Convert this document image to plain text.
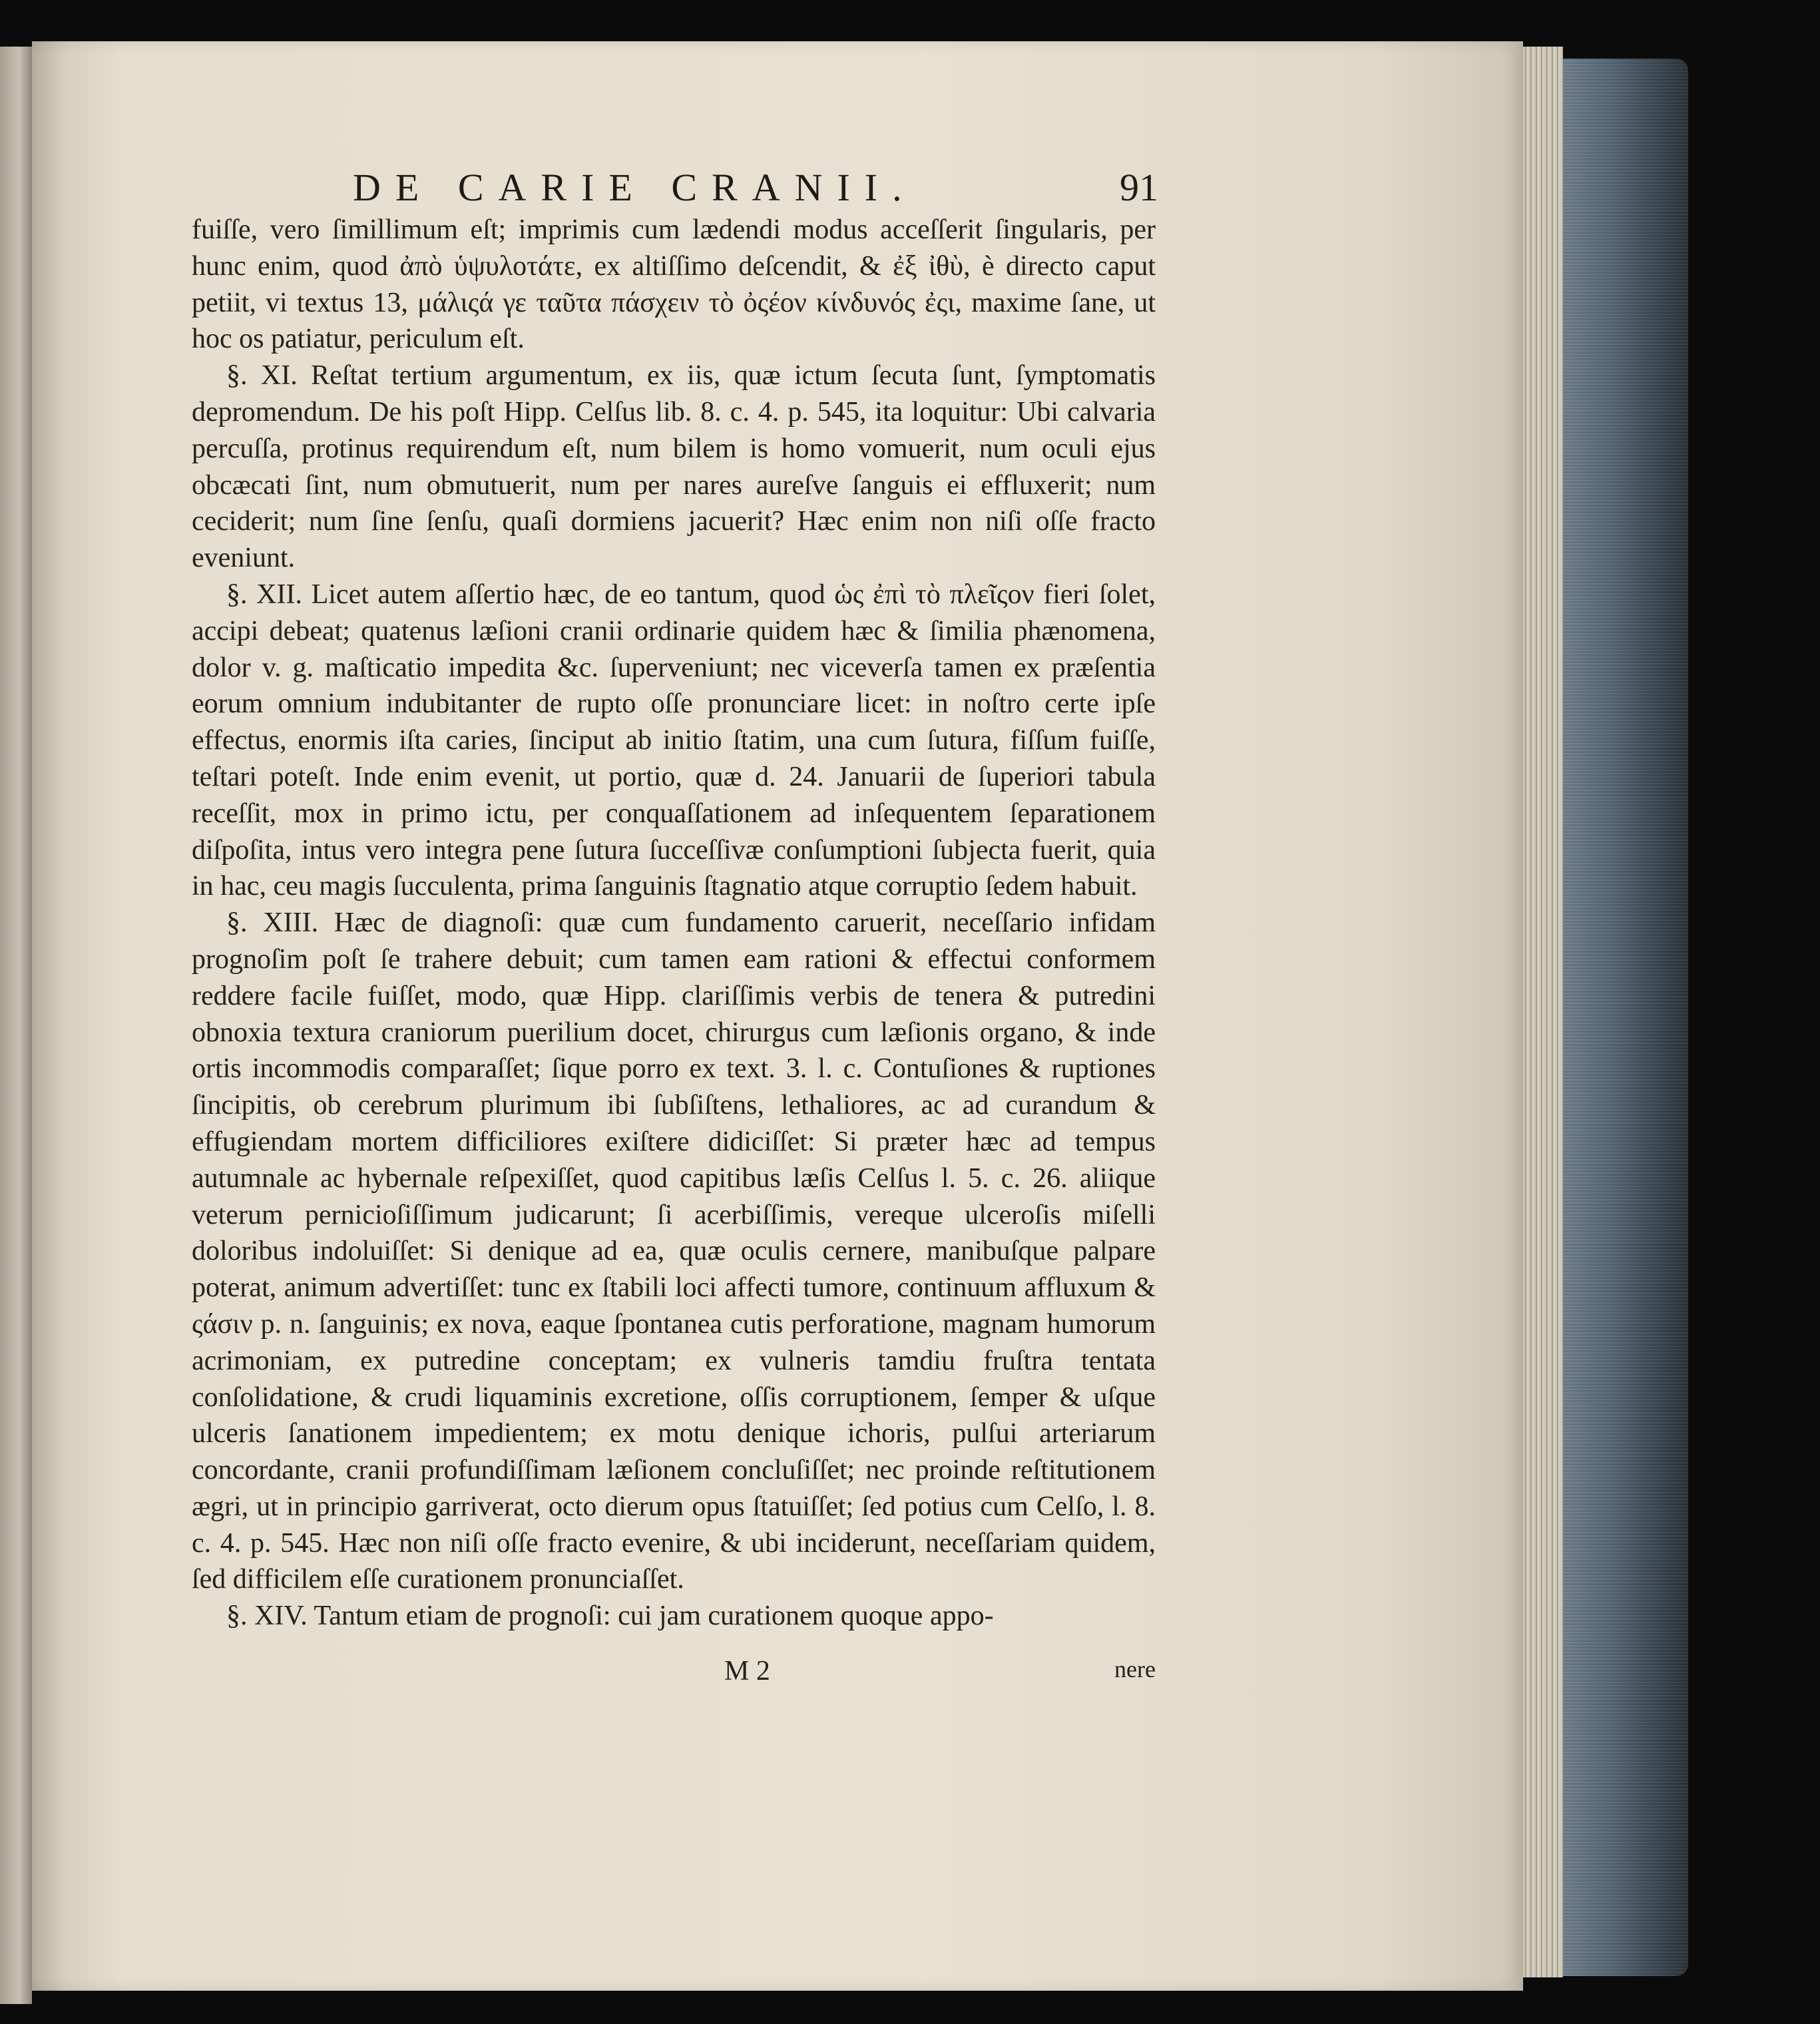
DE CARIE CRANII.	91

fuiſſe, vero ſimillimum eſt; imprimis cum lædendi modus acceſſerit ſingularis, per hunc enim, quod ἀπὸ ὑψυλοτάτε, ex altiſſimo deſcendit, & ἐξ ἰθὺ, è directo caput petiit, vi textus 13, μάλιςά γε ταῦτα πάσχειν τὸ ὀςέον κίνδυνός ἐςι, maxime ſane, ut hoc os patiatur, periculum eſt.

§. XI. Reſtat tertium argumentum, ex iis, quæ ictum ſecuta ſunt, ſymptomatis depromendum. De his poſt Hipp. Celſus lib. 8. c. 4. p. 545, ita loquitur: Ubi calvaria percuſſa, protinus requirendum eſt, num bilem is homo vomuerit, num oculi ejus obcæcati ſint, num obmutuerit, num per nares aureſve ſanguis ei effluxerit; num ceciderit; num ſine ſenſu, quaſi dormiens jacuerit? Hæc enim non niſi oſſe fracto eveniunt.

§. XII. Licet autem aſſertio hæc, de eo tantum, quod ὡς ἐπὶ τὸ πλεῖςον fieri ſolet, accipi debeat; quatenus læſioni cranii ordinarie quidem hæc & ſimilia phænomena, dolor v. g. maſticatio impedita &c. ſuperveniunt; nec viceverſa tamen ex præſentia eorum omnium indubitanter de rupto oſſe pronunciare licet: in noſtro certe ipſe effectus, enormis iſta caries, ſinciput ab initio ſtatim, una cum ſutura, fiſſum fuiſſe, teſtari poteſt. Inde enim evenit, ut portio, quæ d. 24. Januarii de ſuperiori tabula receſſit, mox in primo ictu, per conquaſſationem ad inſequentem ſeparationem diſpoſita, intus vero integra pene ſutura ſucceſſivæ conſumptioni ſubjecta fuerit, quia in hac, ceu magis ſucculenta, prima ſanguinis ſtagnatio atque corruptio ſedem habuit.

§. XIII. Hæc de diagnoſi: quæ cum fundamento caruerit, neceſſario infidam prognoſim poſt ſe trahere debuit; cum tamen eam rationi & effectui conformem reddere facile fuiſſet, modo, quæ Hipp. clariſſimis verbis de tenera & putredini obnoxia textura craniorum puerilium docet, chirurgus cum læſionis organo, & inde ortis incommodis comparaſſet; ſique porro ex text. 3. l. c. Contuſiones & ruptiones ſincipitis, ob cerebrum plurimum ibi ſubſiſtens, lethaliores, ac ad curandum & effugiendam mortem difficiliores exiſtere didiciſſet: Si præter hæc ad tempus autumnale ac hybernale reſpexiſſet, quod capitibus læſis Celſus l. 5. c. 26. aliique veterum pernicioſiſſimum judicarunt; ſi acerbiſſimis, vereque ulceroſis miſelli doloribus indoluiſſet: Si denique ad ea, quæ oculis cernere, manibuſque palpare poterat, animum advertiſſet: tunc ex ſtabili loci affecti tumore, continuum affluxum & ςάσιν p. n. ſanguinis; ex nova, eaque ſpontanea cutis perforatione, magnam humorum acrimoniam, ex putredine conceptam; ex vulneris tamdiu fruſtra tentata conſolidatione, & crudi liquaminis excretione, oſſis corruptionem, ſemper & uſque ulceris ſanationem impedientem; ex motu denique ichoris, pulſui arteriarum concordante, cranii profundiſſimam læſionem concluſiſſet; nec proinde reſtitutionem ægri, ut in principio garriverat, octo dierum opus ſtatuiſſet; ſed potius cum Celſo, l. 8. c. 4. p. 545. Hæc non niſi oſſe fracto evenire, & ubi inciderunt, neceſſariam quidem, ſed difficilem eſſe curationem pronunciaſſet.

§. XIV. Tantum etiam de prognoſi: cui jam curationem quoque appo-

M 2	nere
